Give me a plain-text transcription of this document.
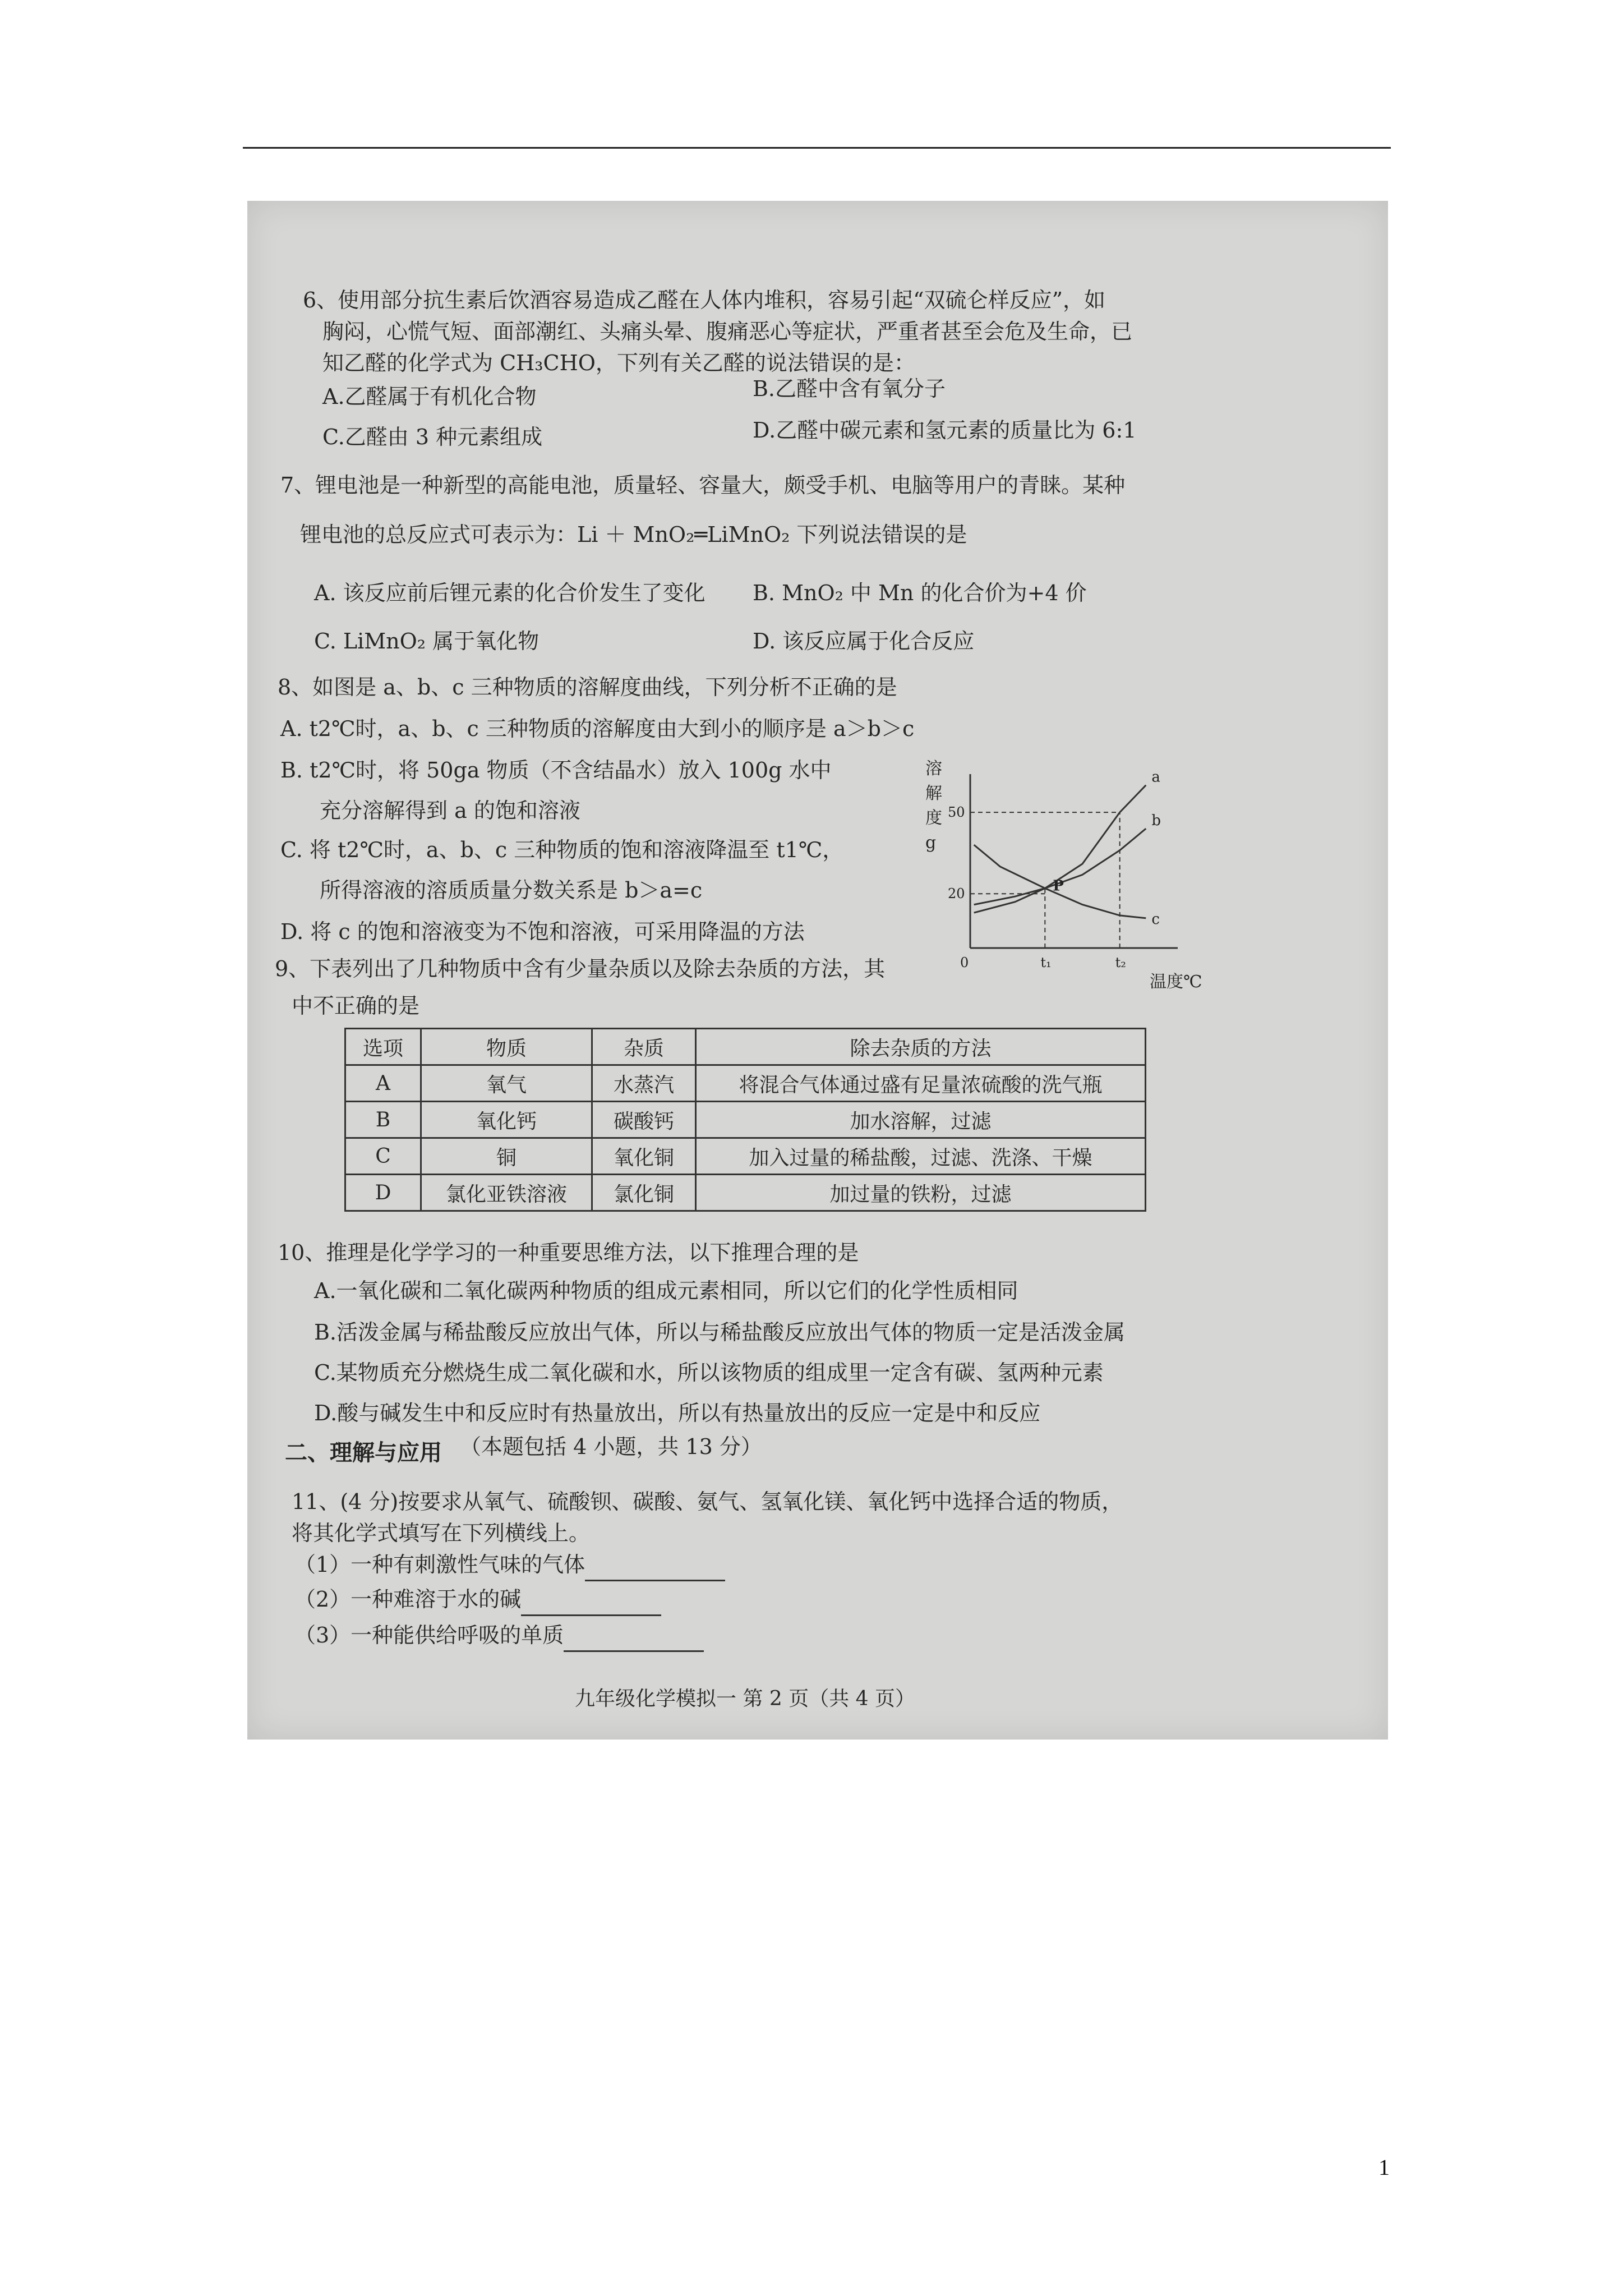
6、使用部分抗生素后饮酒容易造成乙醛在人体内堆积，容易引起“双硫仑样反应”，如
胸闷，心慌气短、面部潮红、头痛头晕、腹痛恶心等症状，严重者甚至会危及生命，已
知乙醛的化学式为 CH₃CHO，下列有关乙醛的说法错误的是：
A.乙醛属于有机化合物	B.乙醛中含有氧分子
C.乙醛由 3 种元素组成	D.乙醛中碳元素和氢元素的质量比为 6:1
7、锂电池是一种新型的高能电池，质量轻、容量大，颇受手机、电脑等用户的青睐。某种
锂电池的总反应式可表示为：Li ＋ MnO₂═LiMnO₂ 下列说法错误的是
A. 该反应前后锂元素的化合价发生了变化 B. MnO₂ 中 Mn 的化合价为+4 价
C. LiMnO₂ 属于氧化物	D. 该反应属于化合反应
8、如图是 a、b、c 三种物质的溶解度曲线，下列分析不正确的是
A. t2℃时，a、b、c 三种物质的溶解度由大到小的顺序是 a＞b＞c
B. t2℃时，将 50ga 物质（不含结晶水）放入 100g 水中
充分溶解得到 a 的饱和溶液
C. 将 t2℃时，a、b、c 三种物质的饱和溶液降温至 t1℃，
所得溶液的溶质质量分数关系是 b＞a=c
D. 将 c 的饱和溶液变为不饱和溶液，可采用降温的方法
溶
解
度
g
温度℃
0
20
50
t₁	t₂
a
b
c
P
9、下表列出了几种物质中含有少量杂质以及除去杂质的方法，其
中不正确的是
选项	物质	杂质	除去杂质的方法
A	氧气	水蒸汽	将混合气体通过盛有足量浓硫酸的洗气瓶
B	氧化钙	碳酸钙	加水溶解，过滤
C	铜	氧化铜	加入过量的稀盐酸，过滤、洗涤、干燥
D	氯化亚铁溶液	氯化铜	加过量的铁粉，过滤
10、推理是化学学习的一种重要思维方法，以下推理合理的是
A.一氧化碳和二氧化碳两种物质的组成元素相同，所以它们的化学性质相同
B.活泼金属与稀盐酸反应放出气体，所以与稀盐酸反应放出气体的物质一定是活泼金属
C.某物质充分燃烧生成二氧化碳和水，所以该物质的组成里一定含有碳、氢两种元素
D.酸与碱发生中和反应时有热量放出，所以有热量放出的反应一定是中和反应
二、理解与应用 （本题包括 4 小题，共 13 分）
11、(4 分)按要求从氧气、硫酸钡、碳酸、氨气、氢氧化镁、氧化钙中选择合适的物质，
将其化学式填写在下列横线上。
（1）一种有刺激性气味的气体
（2）一种难溶于水的碱
（3）一种能供给呼吸的单质
九年级化学模拟一 第 2 页（共 4 页）
1
